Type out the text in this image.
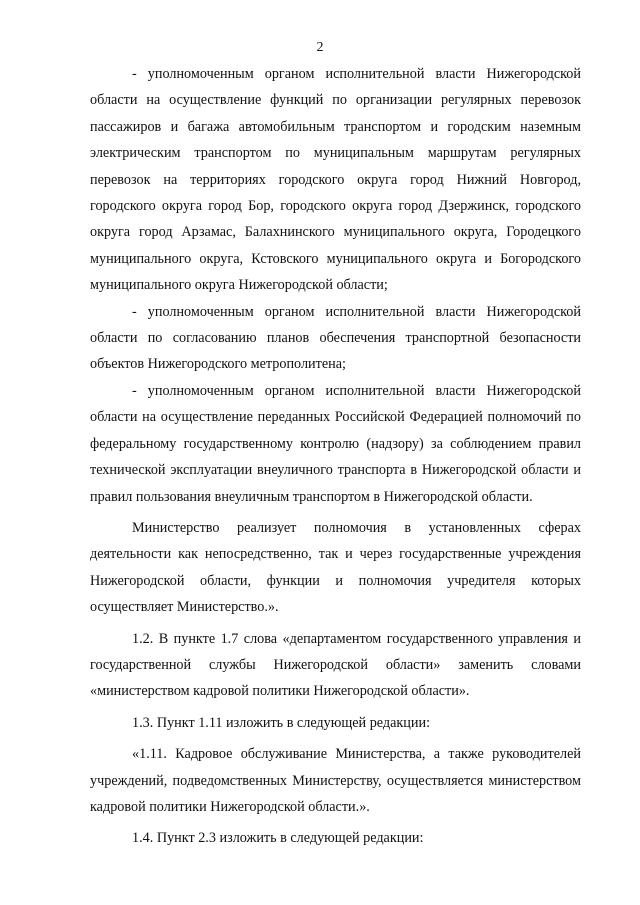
2

- уполномоченным органом исполнительной власти Нижегородской области на осуществление функций по организации регулярных перевозок пассажиров и багажа автомобильным транспортом и городским наземным электрическим транспортом по муниципальным маршрутам регулярных перевозок на территориях городского округа город Нижний Новгород, городского округа город Бор, городского округа город Дзержинск, городского округа город Арзамас, Балахнинского муниципального округа, Городецкого муниципального округа, Кстовского муниципального округа и Богородского муниципального округа Нижегородской области;

- уполномоченным органом исполнительной власти Нижегородской области по согласованию планов обеспечения транспортной безопасности объектов Нижегородского метрополитена;

- уполномоченным органом исполнительной власти Нижегородской области на осуществление переданных Российской Федерацией полномочий по федеральному государственному контролю (надзору) за соблюдением правил технической эксплуатации внеуличного транспорта в Нижегородской области и правил пользования внеуличным транспортом в Нижегородской области.

Министерство реализует полномочия в установленных сферах деятельности как непосредственно, так и через государственные учреждения Нижегородской области, функции и полномочия учредителя которых осуществляет Министерство.».

1.2. В пункте 1.7 слова «департаментом государственного управления и государственной службы Нижегородской области» заменить словами «министерством кадровой политики Нижегородской области».

1.3. Пункт 1.11 изложить в следующей редакции:

«1.11. Кадровое обслуживание Министерства, а также руководителей учреждений, подведомственных Министерству, осуществляется министерством кадровой политики Нижегородской области.».

1.4. Пункт 2.3 изложить в следующей редакции:
